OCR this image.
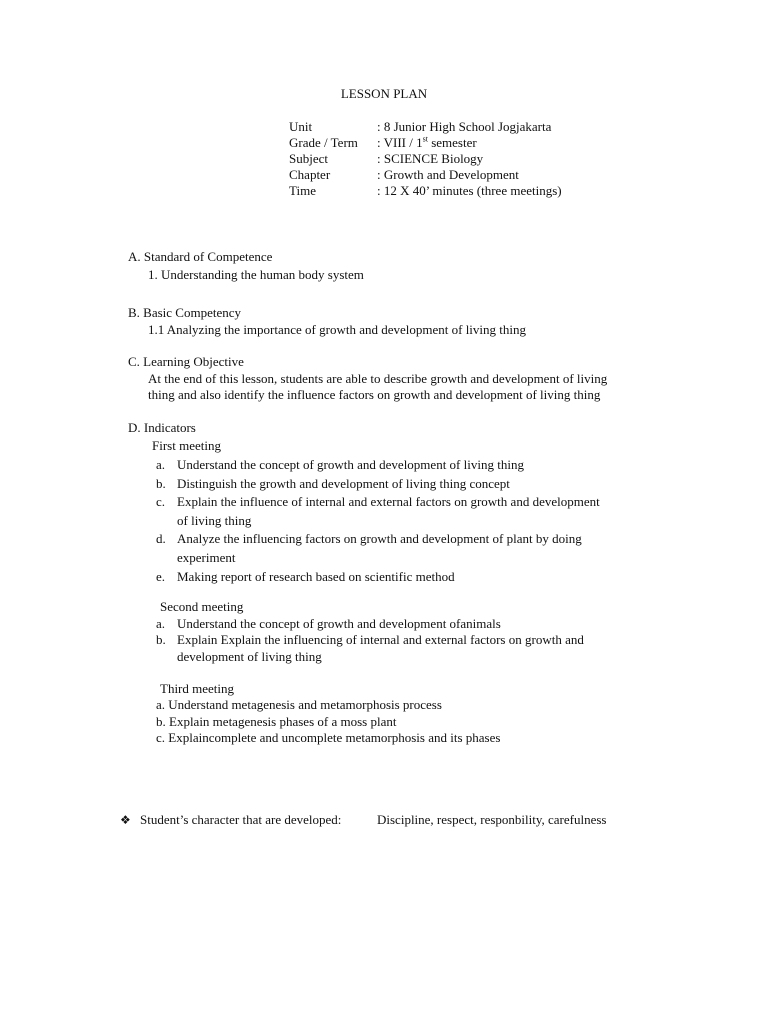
LESSON PLAN
Unit	: 8 Junior High School Jogjakarta
Grade / Term : VIII / 1st semester
Subject	: SCIENCE Biology
Chapter	: Growth and Development
Time	: 12 X 40’ minutes (three meetings)
A. Standard of Competence
1. Understanding the human body system
B. Basic Competency
1.1 Analyzing the importance of growth and development of living thing
C. Learning Objective
At the end of this lesson, students are able to describe growth and development of living
thing and also identify the influence factors on growth and development of living thing
D. Indicators
First meeting
a. Understand the concept of growth and development of living thing
b. Distinguish the growth and development of living thing concept
c. Explain the influence of internal and external factors on growth and development
of living thing
d. Analyze the influencing factors on growth and development of plant by doing
experiment
e. Making report of research based on scientific method
Second meeting
a. Understand the concept of growth and development ofanimals
b. Explain Explain the influencing of internal and external factors on growth and
development of living thing
Third meeting
a. Understand metagenesis and metamorphosis process
b. Explain metagenesis phases of a moss plant
c. Explaincomplete and uncomplete metamorphosis and its phases
❖ Student’s character that are developed:	Discipline, respect, responbility, carefulness
